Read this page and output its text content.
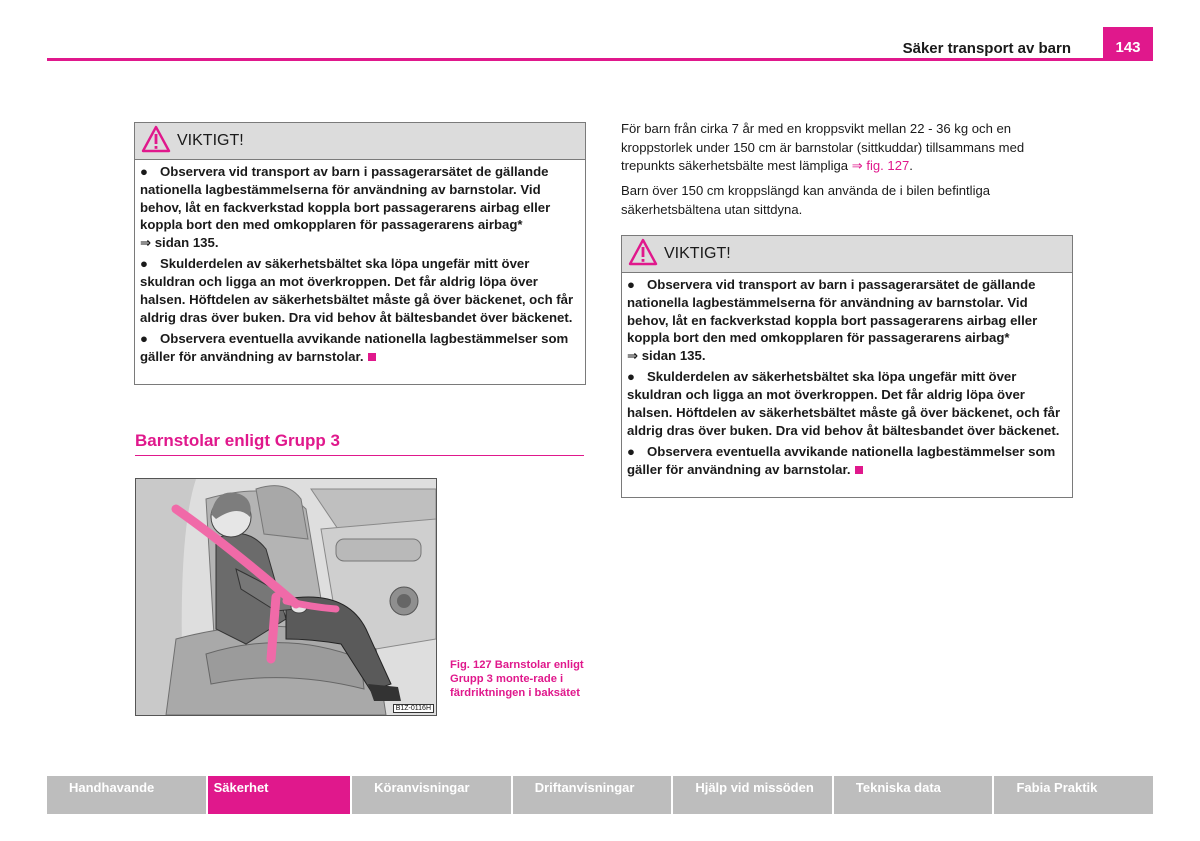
Säker transport av barn	143
VIKTIGT!

● Observera vid transport av barn i passagerarsätet de gällande nationella lagbestämmelserna för användning av barnstolar. Vid behov, låt en fackverkstad koppla bort passagerarens airbag eller koppla bort den med omkopplaren för passagerarens airbag*
⇒ sidan 135.

● Skulderdelen av säkerhetsbältet ska löpa ungefär mitt över skuldran och ligga an mot överkroppen. Det får aldrig löpa över halsen. Höftdelen av säkerhetsbältet måste gå över bäckenet, och får aldrig dras över buken. Dra vid behov åt bältesbandet över bäckenet.

● Observera eventuella avvikande nationella lagbestämmelser som gäller för användning av barnstolar.

Barnstolar enligt Grupp 3
B1Z-0116H
Fig. 127 Barnstolar enligt Grupp 3 monte-rade i färdriktningen i baksätet
För barn från cirka 7 år med en kroppsvikt mellan 22 - 36 kg och en kroppstorlek under 150 cm är barnstolar (sittkuddar) tillsammans med trepunkts säkerhetsbälte mest lämpliga ⇒ fig. 127.
Barn över 150 cm kroppslängd kan använda de i bilen befintliga säkerhetsbältena utan sittdyna.
VIKTIGT!

● Observera vid transport av barn i passagerarsätet de gällande nationella lagbestämmelserna för användning av barnstolar. Vid behov, låt en fackverkstad koppla bort passagerarens airbag eller koppla bort den med omkopplaren för passagerarens airbag*
⇒ sidan 135.

● Skulderdelen av säkerhetsbältet ska löpa ungefär mitt över skuldran och ligga an mot överkroppen. Det får aldrig löpa över halsen. Höftdelen av säkerhetsbältet måste gå över bäckenet, och får aldrig dras över buken. Dra vid behov åt bältesbandet över bäckenet.

● Observera eventuella avvikande nationella lagbestämmelser som gäller för användning av barnstolar.

Handhavande	Säkerhet	Köranvisningar	Driftanvisningar	Hjälp vid missöden	Tekniska data	Fabia Praktik
